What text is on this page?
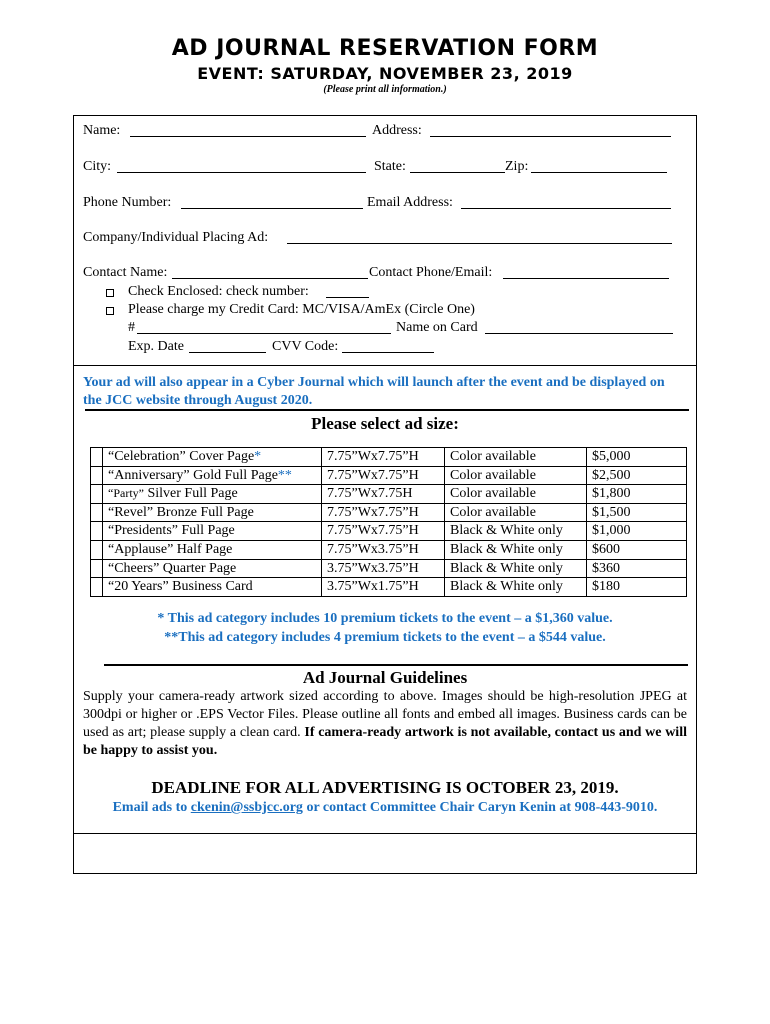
AD JOURNAL RESERVATION FORM
EVENT: SATURDAY, NOVEMBER 23, 2019
(Please print all information.)
Name:	Address:
City:	State:	Zip:
Phone Number:	Email Address:
Company/Individual Placing Ad:
Contact Name:	Contact Phone/Email:
Check Enclosed: check number:
Please charge my Credit Card: MC/VISA/AmEx (Circle One)
#	Name on Card
Exp. Date	CVV Code:
Your ad will also appear in a Cyber Journal which will launch after the event and be displayed on the JCC website through August 2020.
Please select ad size:
	“Celebration” Cover Page*	7.75”Wx7.75”H	Color available	$5,000
	“Anniversary” Gold Full Page**	7.75”Wx7.75”H	Color available	$2,500
	“Party” Silver Full Page	7.75”Wx7.75H	Color available	$1,800
	“Revel” Bronze Full Page	7.75”Wx7.75”H	Color available	$1,500
	“Presidents” Full Page	7.75”Wx7.75”H	Black & White only	$1,000
	“Applause” Half Page	7.75”Wx3.75”H	Black & White only	$600
	“Cheers” Quarter Page	3.75”Wx3.75”H	Black & White only	$360
	“20 Years” Business Card	3.75”Wx1.75”H	Black & White only	$180
* This ad category includes 10 premium tickets to the event – a $1,360 value.
**This ad category includes 4 premium tickets to the event – a $544 value.
Ad Journal Guidelines
Supply your camera-ready artwork sized according to above. Images should be high-resolution JPEG at 300dpi or higher or .EPS Vector Files. Please outline all fonts and embed all images. Business cards can be used as art; please supply a clean card. If camera-ready artwork is not available, contact us and we will be happy to assist you.
DEADLINE FOR ALL ADVERTISING IS OCTOBER 23, 2019.
Email ads to ckenin@ssbjcc.org or contact Committee Chair Caryn Kenin at 908-443-9010.
